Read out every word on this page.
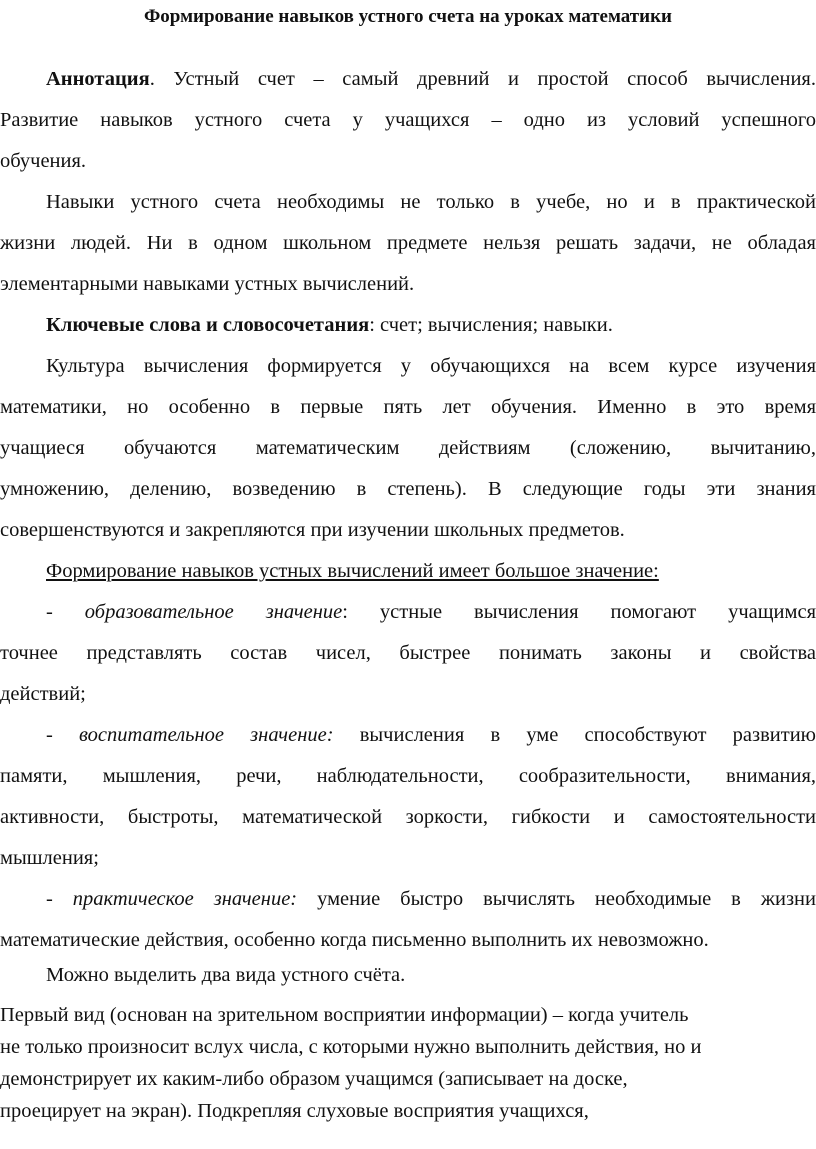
Формирование навыков устного счета на уроках математики
Аннотация. Устный счет – самый древний и простой способ вычисления.
Развитие навыков устного счета у учащихся – одно из условий успешного
обучения.
Навыки устного счета необходимы не только в учебе, но и в практической
жизни людей. Ни в одном школьном предмете нельзя решать задачи, не обладая
элементарными навыками устных вычислений.
Ключевые слова и словосочетания: счет; вычисления; навыки.
Культура вычисления формируется у обучающихся на всем курсе изучения
математики, но особенно в первые пять лет обучения. Именно в это время
учащиеся обучаются математическим действиям (сложению, вычитанию,
умножению, делению, возведению в степень). В следующие годы эти знания
совершенствуются и закрепляются при изучении школьных предметов.
Формирование навыков устных вычислений имеет большое значение:
- образовательное значение: устные вычисления помогают учащимся
точнее представлять состав чисел, быстрее понимать законы и свойства
действий;
- воспитательное значение: вычисления в уме способствуют развитию
памяти, мышления, речи, наблюдательности, сообразительности, внимания,
активности, быстроты, математической зоркости, гибкости и самостоятельности
мышления;
- практическое значение: умение быстро вычислять необходимые в жизни
математические действия, особенно когда письменно выполнить их невозможно.
Можно выделить два вида устного счёта.
Первый вид (основан на зрительном восприятии информации) – когда учитель
не только произносит вслух числа, с которыми нужно выполнить действия, но и
демонстрирует их каким-либо образом учащимся (записывает на доске,
проецирует на экран). Подкрепляя слуховые восприятия учащихся,
